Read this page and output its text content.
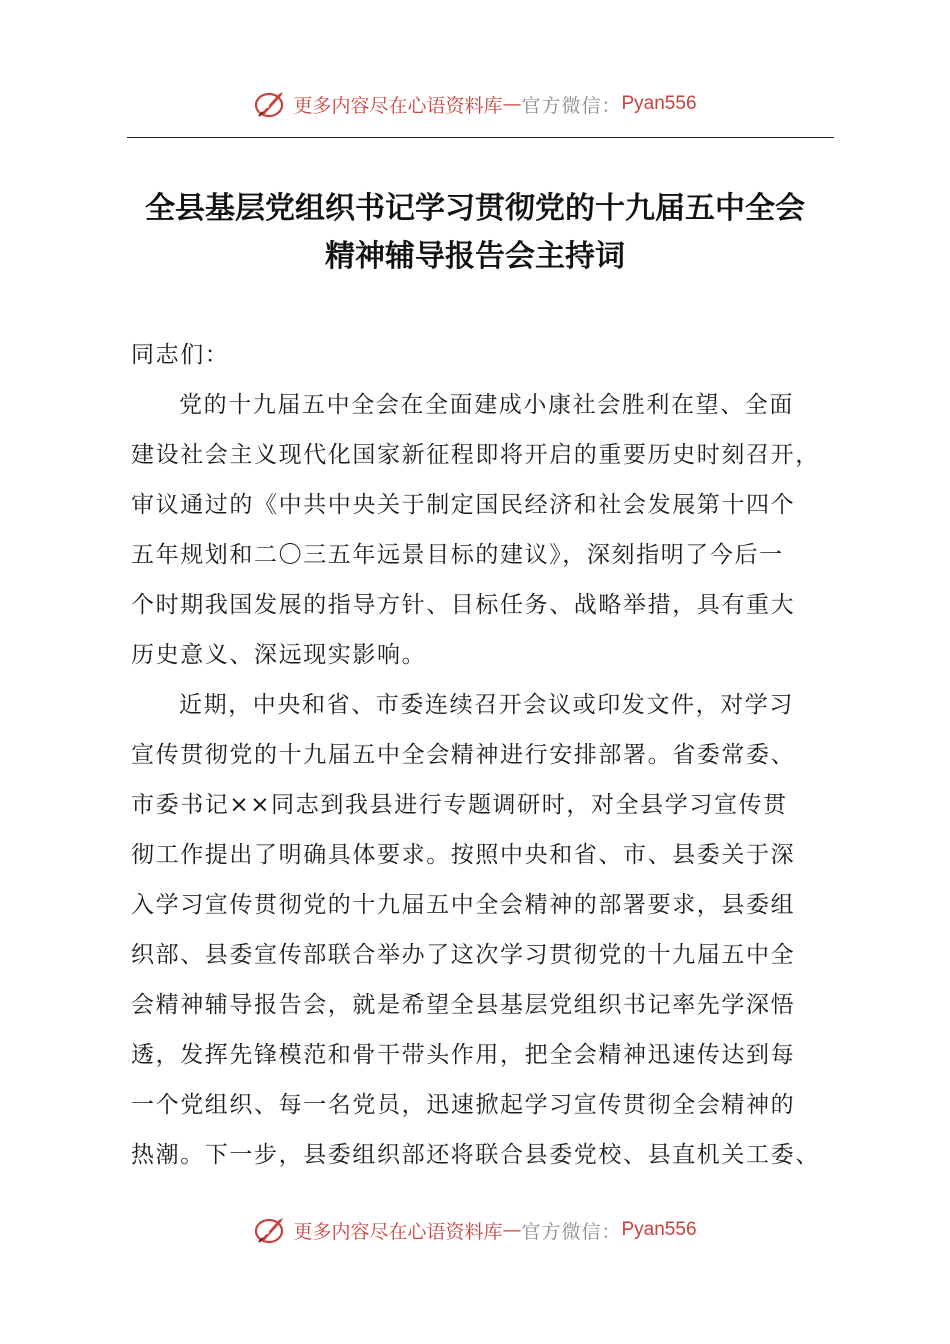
更多内容尽在心语资料库 — 官方微信： Pyan556
全县基层党组织书记学习贯彻党的十九届五中全会
精神辅导报告会主持词
同志们：
党的十九届五中全会在全面建成小康社会胜利在望、全面
建设社会主义现代化国家新征程即将开启的重要历史时刻召开，
审议通过的《中共中央关于制定国民经济和社会发展第十四个
五年规划和二〇三五年远景目标的建议》，深刻指明了今后一
个时期我国发展的指导方针、目标任务、战略举措，具有重大
历史意义、深远现实影响。
近期，中央和省、市委连续召开会议或印发文件，对学习
宣传贯彻党的十九届五中全会精神进行安排部署。省委常委、
市委书记××同志到我县进行专题调研时，对全县学习宣传贯
彻工作提出了明确具体要求。按照中央和省、市、县委关于深
入学习宣传贯彻党的十九届五中全会精神的部署要求，县委组
织部、县委宣传部联合举办了这次学习贯彻党的十九届五中全
会精神辅导报告会，就是希望全县基层党组织书记率先学深悟
透，发挥先锋模范和骨干带头作用，把全会精神迅速传达到每
一个党组织、每一名党员，迅速掀起学习宣传贯彻全会精神的
热潮。下一步，县委组织部还将联合县委党校、县直机关工委、
更多内容尽在心语资料库 — 官方微信： Pyan556
